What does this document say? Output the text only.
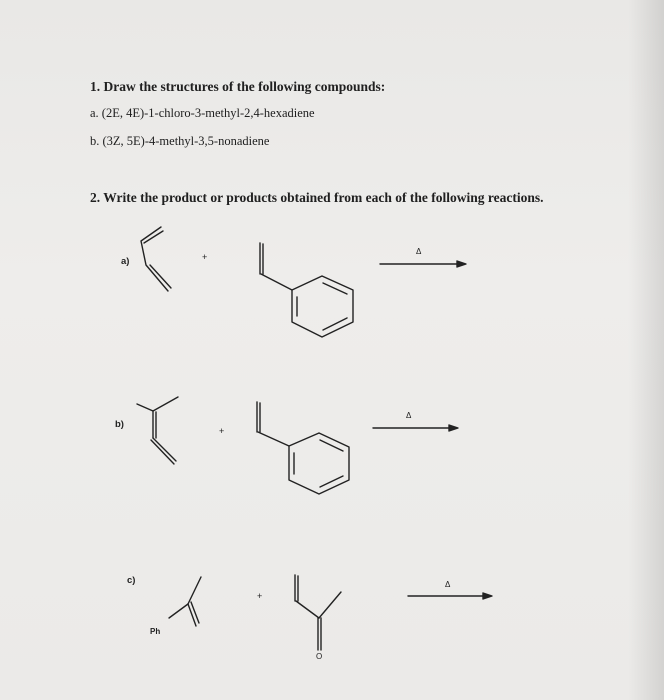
1. Draw the structures of the following compounds:
a. (2E, 4E)-1-chloro-3-methyl-2,4-hexadiene
b. (3Z, 5E)-4-methyl-3,5-nonadiene
2. Write the product or products obtained from each of the following reactions.
a)
b)
c)
+
+
+
Δ
Δ
Δ
Ph
O
